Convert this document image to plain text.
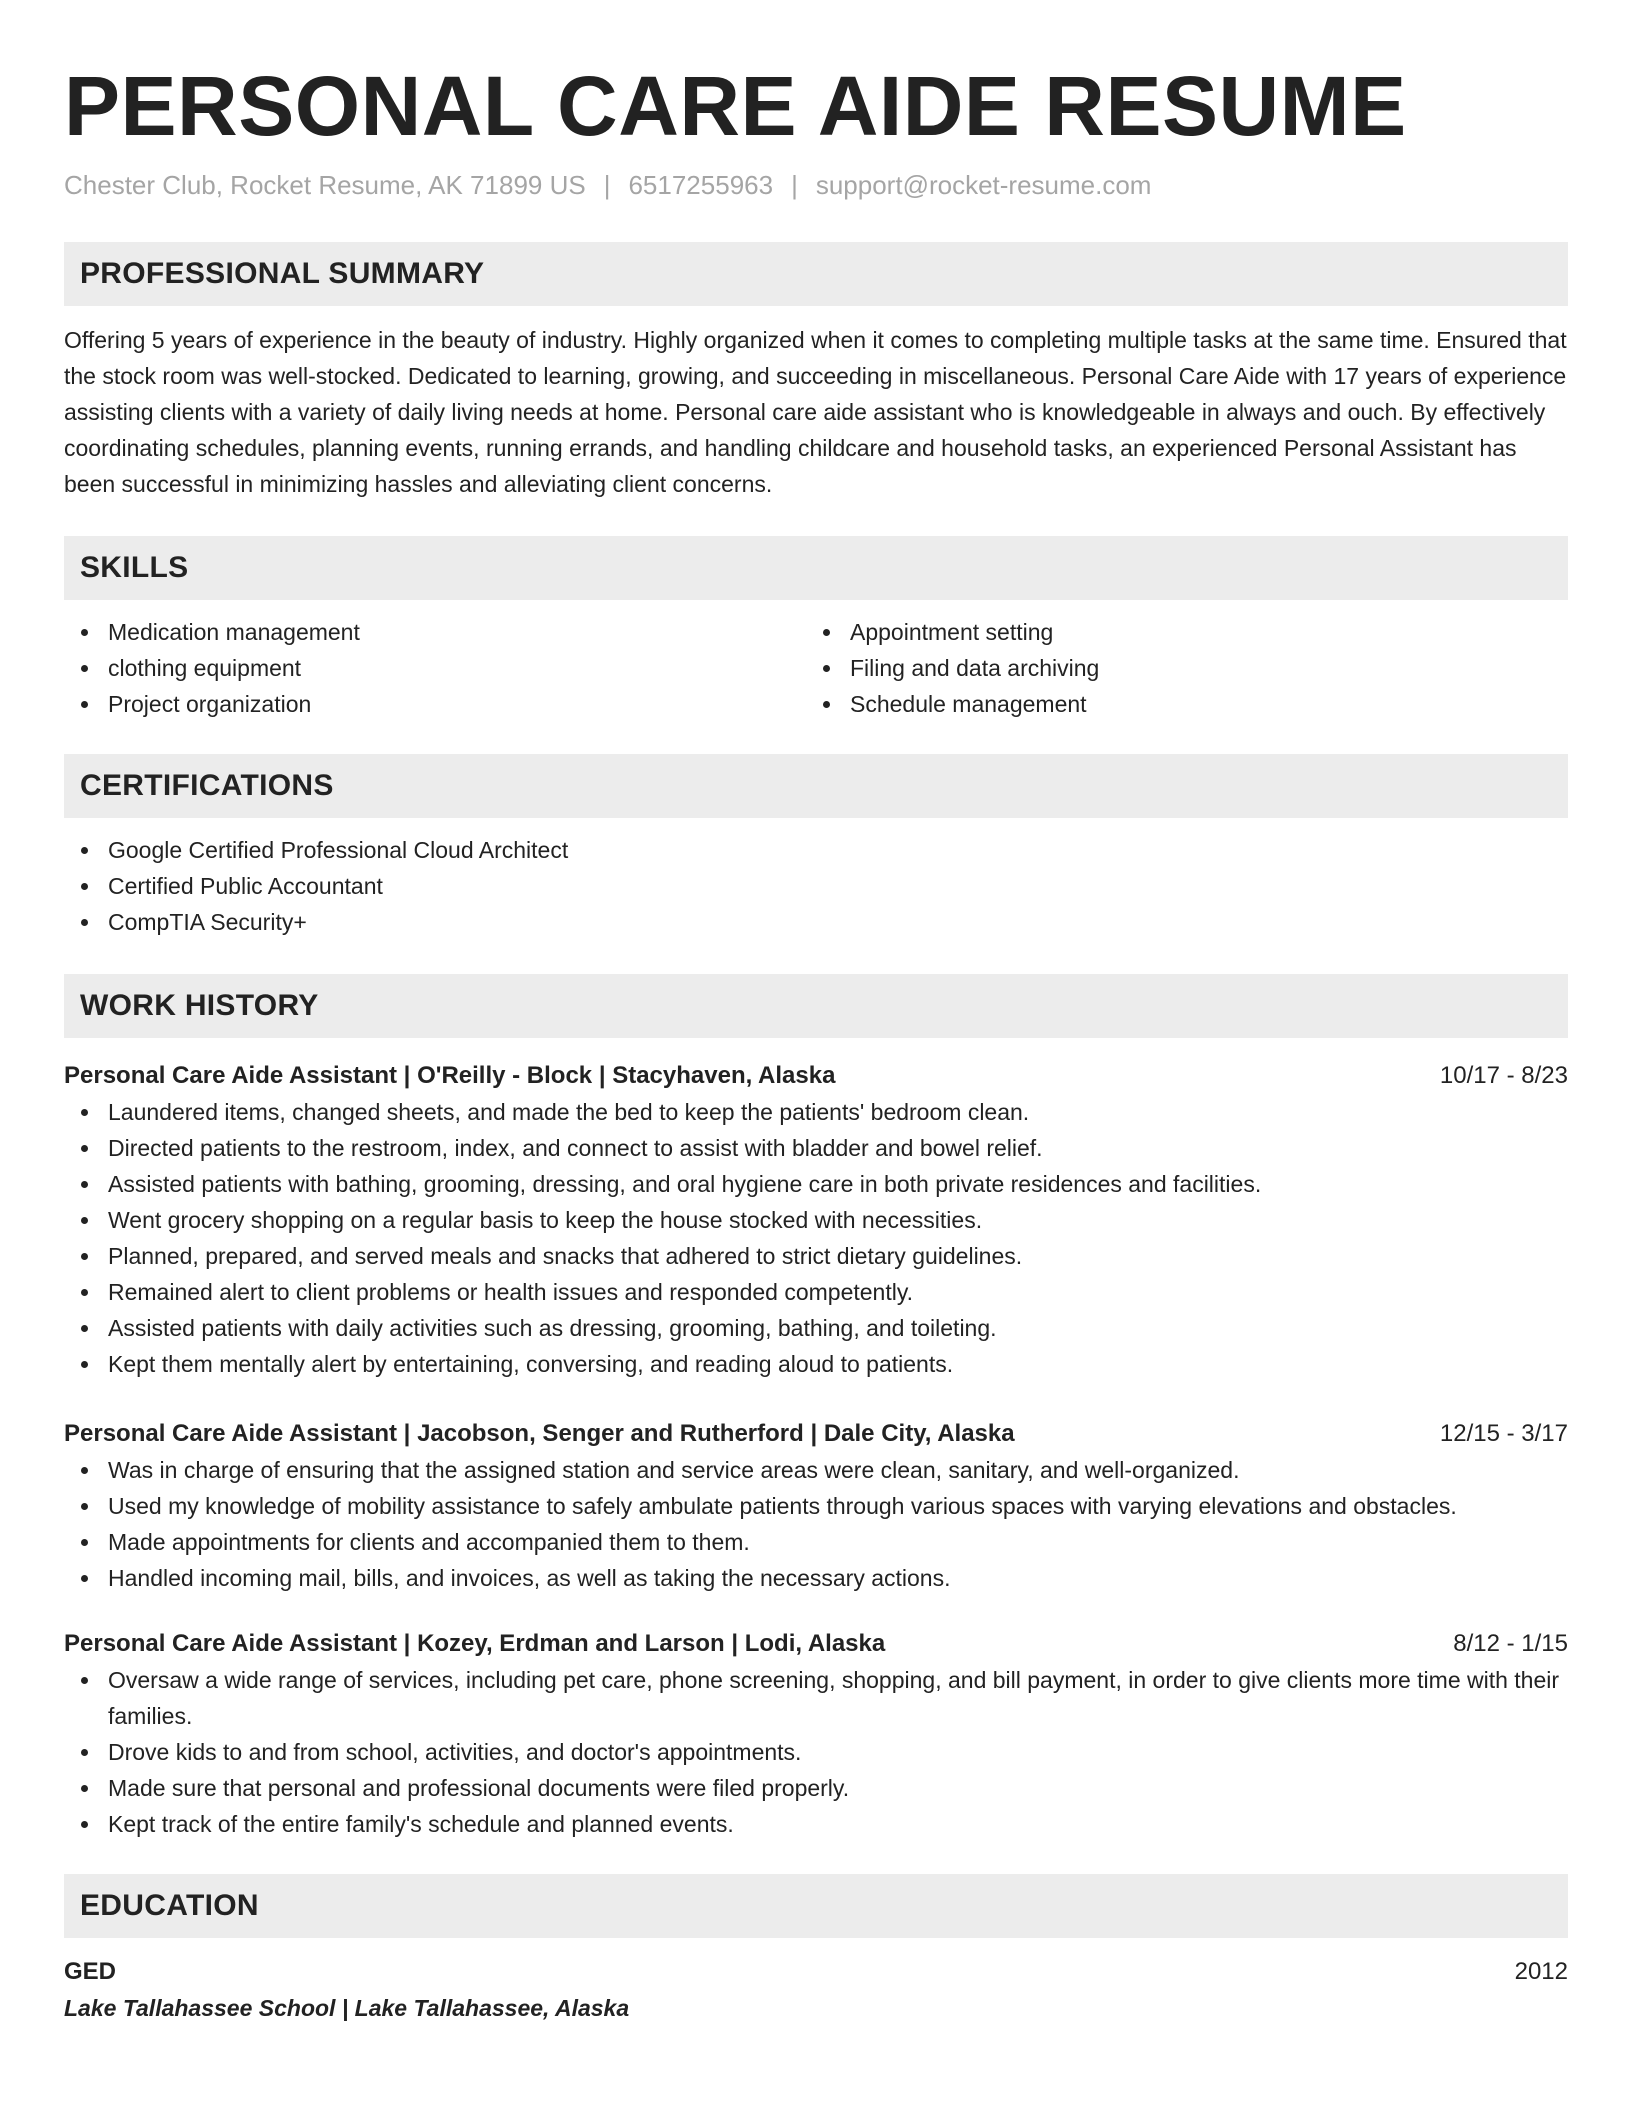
PERSONAL CARE AIDE RESUME
Chester Club, Rocket Resume, AK 71899 US | 6517255963 | support@rocket-resume.com
PROFESSIONAL SUMMARY

Offering 5 years of experience in the beauty of industry. Highly organized when it comes to completing multiple tasks at the same time. Ensured that the stock room was well-stocked. Dedicated to learning, growing, and succeeding in miscellaneous. Personal Care Aide with 17 years of experience assisting clients with a variety of daily living needs at home. Personal care aide assistant who is knowledgeable in always and ouch. By effectively coordinating schedules, planning events, running errands, and handling childcare and household tasks, an experienced Personal Assistant has been successful in minimizing hassles and alleviating client concerns.

SKILLS
Medication management
clothing equipment
Project organization
Appointment setting
Filing and data archiving
Schedule management
CERTIFICATIONS
Google Certified Professional Cloud Architect
Certified Public Accountant
CompTIA Security+
WORK HISTORY
Personal Care Aide Assistant | O'Reilly - Block | Stacyhaven, Alaska	10/17 - 8/23
Laundered items, changed sheets, and made the bed to keep the patients' bedroom clean.
Directed patients to the restroom, index, and connect to assist with bladder and bowel relief.
Assisted patients with bathing, grooming, dressing, and oral hygiene care in both private residences and facilities.
Went grocery shopping on a regular basis to keep the house stocked with necessities.
Planned, prepared, and served meals and snacks that adhered to strict dietary guidelines.
Remained alert to client problems or health issues and responded competently.
Assisted patients with daily activities such as dressing, grooming, bathing, and toileting.
Kept them mentally alert by entertaining, conversing, and reading aloud to patients.
Personal Care Aide Assistant | Jacobson, Senger and Rutherford | Dale City, Alaska	12/15 - 3/17
Was in charge of ensuring that the assigned station and service areas were clean, sanitary, and well-organized.
Used my knowledge of mobility assistance to safely ambulate patients through various spaces with varying elevations and obstacles.
Made appointments for clients and accompanied them to them.
Handled incoming mail, bills, and invoices, as well as taking the necessary actions.
Personal Care Aide Assistant | Kozey, Erdman and Larson | Lodi, Alaska	8/12 - 1/15
Oversaw a wide range of services, including pet care, phone screening, shopping, and bill payment, in order to give clients more time with their families.
Drove kids to and from school, activities, and doctor's appointments.
Made sure that personal and professional documents were filed properly.
Kept track of the entire family's schedule and planned events.
EDUCATION
GED	2012
Lake Tallahassee School | Lake Tallahassee, Alaska
